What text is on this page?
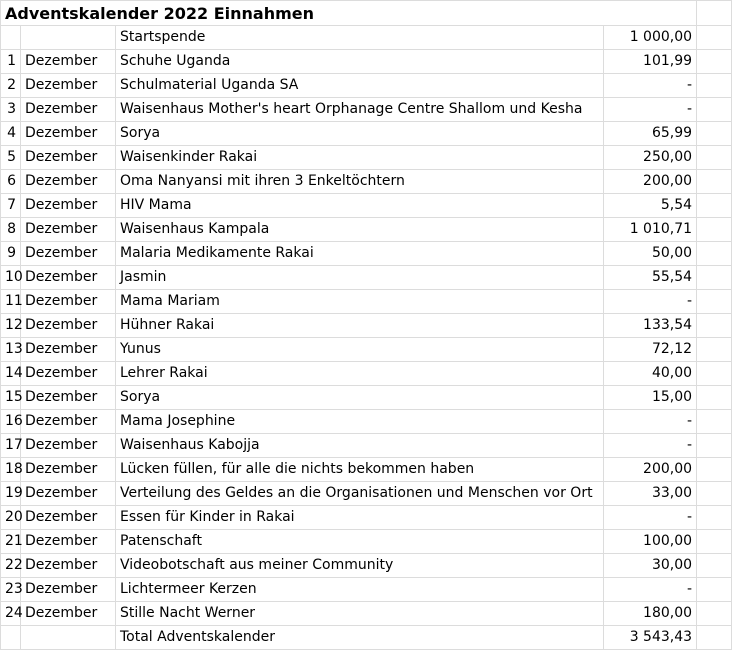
Adventskalender 2022 Einnahmen				
		Startspende	1 000,00	
1	Dezember	Schuhe Uganda	101,99	
2	Dezember	Schulmaterial Uganda SA	-	
3	Dezember	Waisenhaus Mother's heart Orphanage Centre Shallom und Kesha	-	
4	Dezember	Sorya	65,99	
5	Dezember	Waisenkinder Rakai	250,00	
6	Dezember	Oma Nanyansi mit ihren 3 Enkeltöchtern	200,00	
7	Dezember	HIV Mama	5,54	
8	Dezember	Waisenhaus Kampala	1 010,71	
9	Dezember	Malaria Medikamente Rakai	50,00	
10	Dezember	Jasmin	55,54	
11	Dezember	Mama Mariam	-	
12	Dezember	Hühner Rakai	133,54	
13	Dezember	Yunus	72,12	
14	Dezember	Lehrer Rakai	40,00	
15	Dezember	Sorya	15,00	
16	Dezember	Mama Josephine	-	
17	Dezember	Waisenhaus Kabojja	-	
18	Dezember	Lücken füllen, für alle die nichts bekommen haben	200,00	
19	Dezember	Verteilung des Geldes an die Organisationen und Menschen vor Ort	33,00	
20	Dezember	Essen für Kinder in Rakai	-	
21	Dezember	Patenschaft	100,00	
22	Dezember	Videobotschaft aus meiner Community	30,00	
23	Dezember	Lichtermeer Kerzen	-	
24	Dezember	Stille Nacht Werner	180,00	
		Total Adventskalender	3 543,43	
